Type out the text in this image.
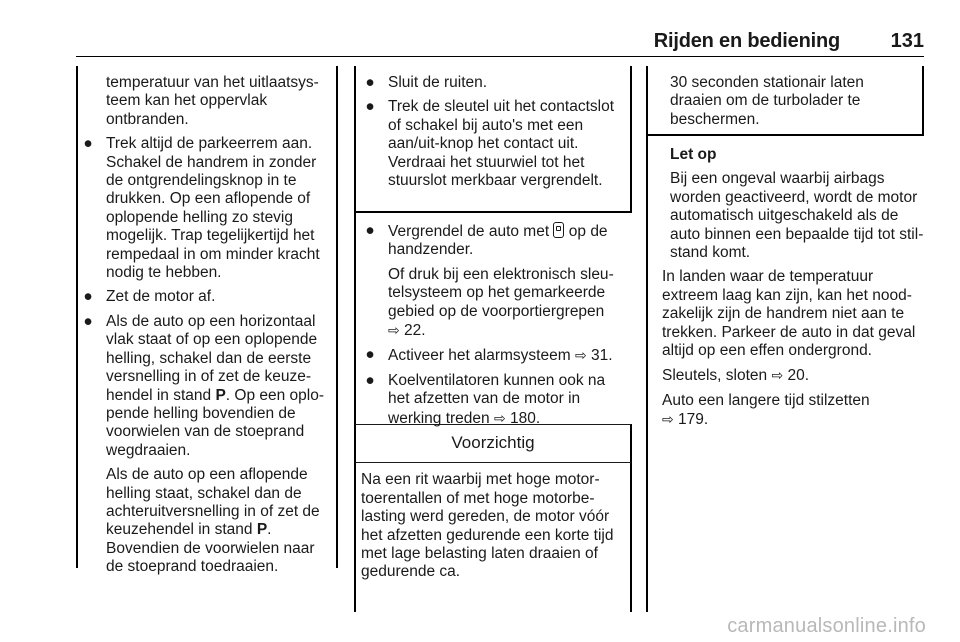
Rijden en bediening	131

temperatuur van het uitlaatsysteem kan het oppervlak ontbranden.

● Trek altijd de parkeerrem aan. Schakel de handrem in zonder de ontgrendelingsknop in te drukken. Op een aflopende of oplopende helling zo stevig mogelijk. Trap tegelijkertijd het rempedaal in om minder kracht nodig te hebben.
● Zet de motor af.
● Als de auto op een horizontaal vlak staat of op een oplopende helling, schakel dan de eerste versnelling in of zet de keuzehendel in stand P. Op een oplopende helling bovendien de voorwielen van de stoeprand wegdraaien.

Als de auto op een aflopende helling staat, schakel dan de achteruitversnelling in of zet de keuzehendel in stand P. Bovendien de voorwielen naar de stoeprand toedraaien.

● Sluit de ruiten.
● Trek de sleutel uit het contactslot of schakel bij auto's met een aan/uit-knop het contact uit. Verdraai het stuurwiel tot het stuurslot merkbaar vergrendelt.
● Vergrendel de auto met op de handzender.

Of druk bij een elektronisch sleutelsysteem op het gemarkeerde gebied op de voorportiergrepen
⇨ 22.

● Activeer het alarmsysteem ⇨ 31.
● Koelventilatoren kunnen ook na het afzetten van de motor in werking treden ⇨ 180.
Voorzichtig
Na een rit waarbij met hoge motortoerentallen of met hoge motorbelasting werd gereden, de motor vóór het afzetten gedurende een korte tijd met lage belasting laten draaien of gedurende ca.

30 seconden stationair laten draaien om de turbolader te beschermen.

Let op

Bij een ongeval waarbij airbags worden geactiveerd, wordt de motor automatisch uitgeschakeld als de auto binnen een bepaalde tijd tot stilstand komt.

In landen waar de temperatuur extreem laag kan zijn, kan het noodzakelijk zijn de handrem niet aan te trekken. Parkeer de auto in dat geval altijd op een effen ondergrond.

Sleutels, sloten ⇨ 20.

Auto een langere tijd stilzetten
⇨ 179.

carmanualsonline.info
